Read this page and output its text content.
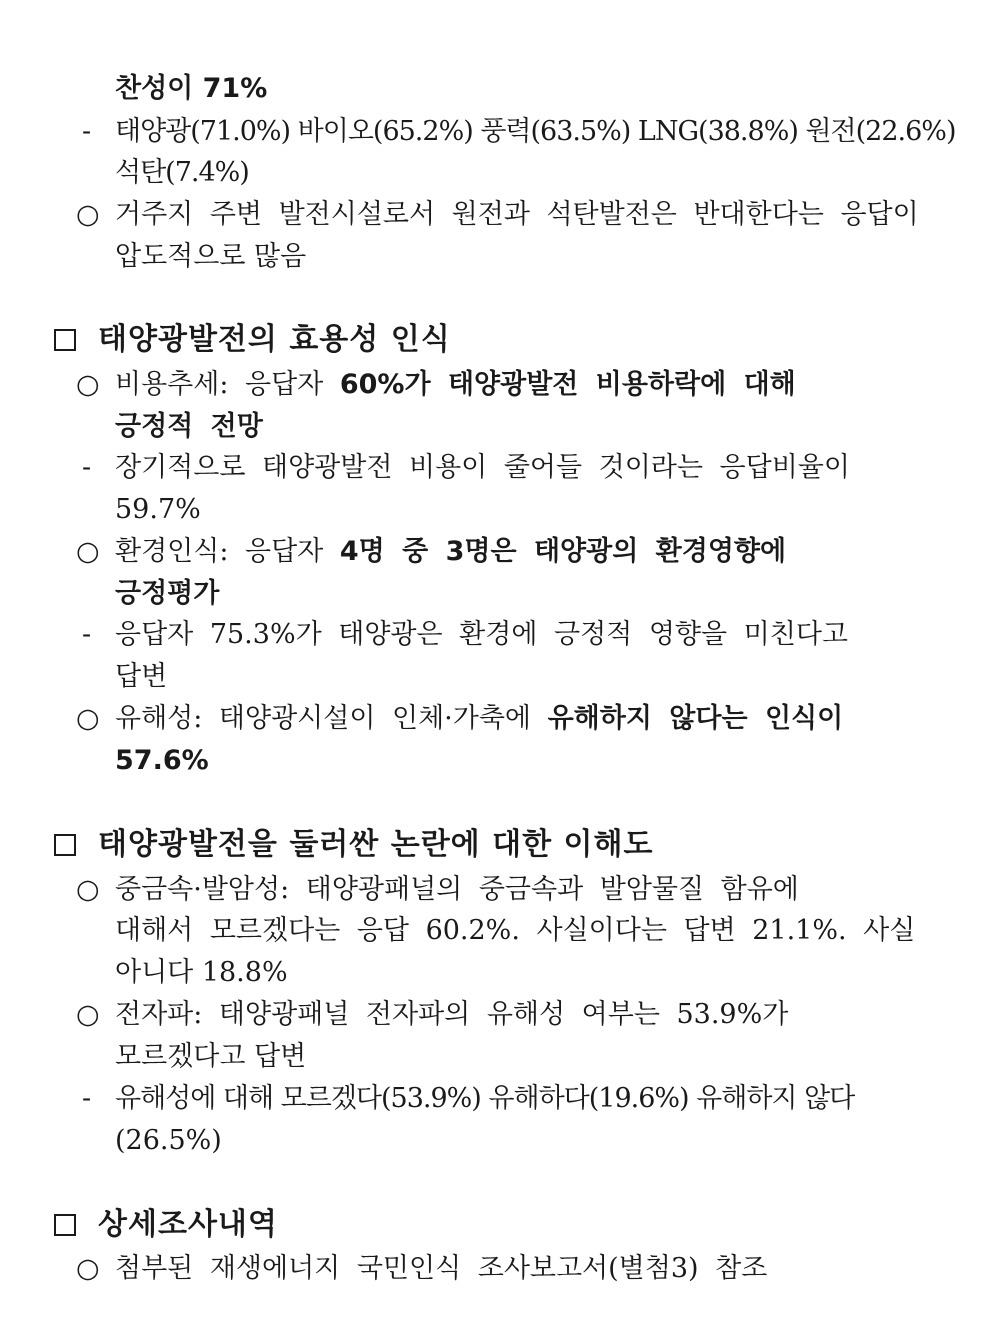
찬성이 71%
- 태양광(71.0%) 바이오(65.2%) 풍력(63.5%) LNG(38.8%) 원전(22.6%)
석탄(7.4%)
○ 거주지 주변 발전시설로서 원전과 석탄발전은 반대한다는 응답이
압도적으로 많음
태양광발전의 효용성 인식
○ 비용추세: 응답자 60%가 태양광발전 비용하락에 대해
긍정적 전망
- 장기적으로 태양광발전 비용이 줄어들 것이라는 응답비율이
59.7%
○ 환경인식: 응답자 4명 중 3명은 태양광의 환경영향에
긍정평가
- 응답자 75.3%가 태양광은 환경에 긍정적 영향을 미친다고
답변
○ 유해성: 태양광시설이 인체·가축에 유해하지 않다는 인식이
57.6%
태양광발전을 둘러싼 논란에 대한 이해도
○ 중금속·발암성: 태양광패널의 중금속과 발암물질 함유에
대해서 모르겠다는 응답 60.2%. 사실이다는 답변 21.1%. 사실
아니다 18.8%
○ 전자파: 태양광패널 전자파의 유해성 여부는 53.9%가
모르겠다고 답변
- 유해성에 대해 모르겠다(53.9%) 유해하다(19.6%) 유해하지 않다
(26.5%)
상세조사내역
○ 첨부된 재생에너지 국민인식 조사보고서(별첨3) 참조
